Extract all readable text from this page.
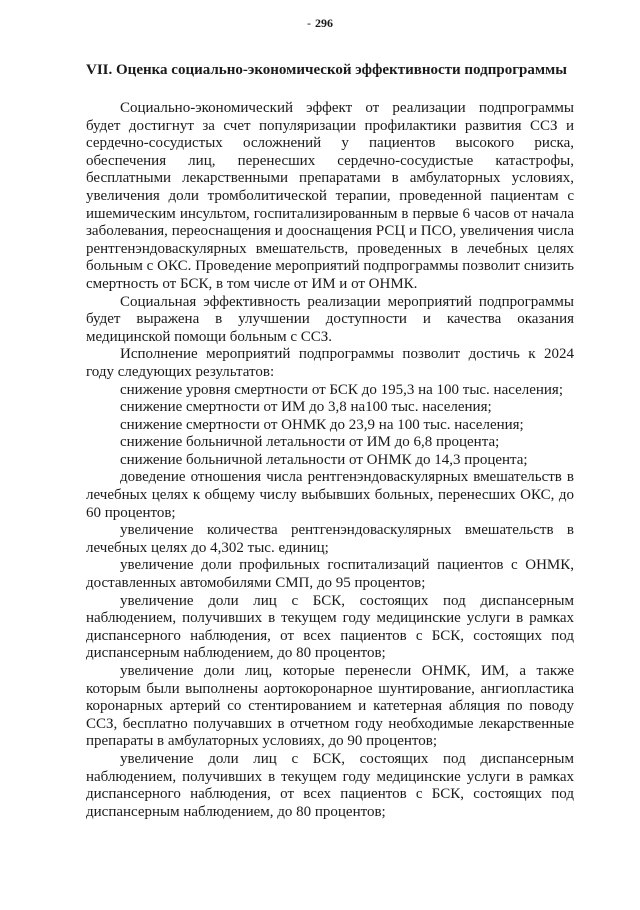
- 296
VII. Оценка социально-экономической эффективности подпрограммы

Социально-экономический эффект от реализации подпрограммы будет достигнут за счет популяризации профилактики развития ССЗ и сердечно-сосудистых осложнений у пациентов высокого риска, обеспечения лиц, перенесших сердечно-сосудистые катастрофы, бесплатными лекарственными препаратами в амбулаторных условиях, увеличения доли тромболитической терапии, проведенной пациентам с ишемическим инсультом, госпитализированным в первые 6 часов от начала заболевания, переоснащения и дооснащения РСЦ и ПСО, увеличения числа рентгенэндоваскулярных вмешательств, проведенных в лечебных целях больным с ОКС. Проведение мероприятий подпрограммы позволит снизить смертность от БСК, в том числе от ИМ и от ОНМК.

Социальная эффективность реализации мероприятий подпрограммы будет выражена в улучшении доступности и качества оказания медицинской помощи больным с ССЗ.

Исполнение мероприятий подпрограммы позволит достичь к 2024 году следующих результатов:

снижение уровня смертности от БСК до 195,3 на 100 тыс. населения;

снижение смертности от ИМ до 3,8 на100 тыс. населения;

снижение смертности от ОНМК до 23,9 на 100 тыс. населения;

снижение больничной летальности от ИМ до 6,8 процента;

снижение больничной летальности от ОНМК до 14,3 процента;

доведение отношения числа рентгенэндоваскулярных вмешательств в лечебных целях к общему числу выбывших больных, перенесших ОКС, до 60 процентов;

увеличение количества рентгенэндоваскулярных вмешательств в лечебных целях до 4,302 тыс. единиц;

увеличение доли профильных госпитализаций пациентов с ОНМК, доставленных автомобилями СМП, до 95 процентов;

увеличение доли лиц с БСК, состоящих под диспансерным наблюдением, получивших в текущем году медицинские услуги в рамках диспансерного наблюдения, от всех пациентов с БСК, состоящих под диспансерным наблюдением, до 80 процентов;

увеличение доли лиц, которые перенесли ОНМК, ИМ, а также которым были выполнены аортокоронарное шунтирование, ангиопластика коронарных артерий со стентированием и катетерная абляция по поводу ССЗ, бесплатно получавших в отчетном году необходимые лекарственные препараты в амбулаторных условиях, до 90 процентов;

увеличение доли лиц с БСК, состоящих под диспансерным наблюдением, получивших в текущем году медицинские услуги в рамках диспансерного наблюдения, от всех пациентов с БСК, состоящих под диспансерным наблюдением, до 80 процентов;
